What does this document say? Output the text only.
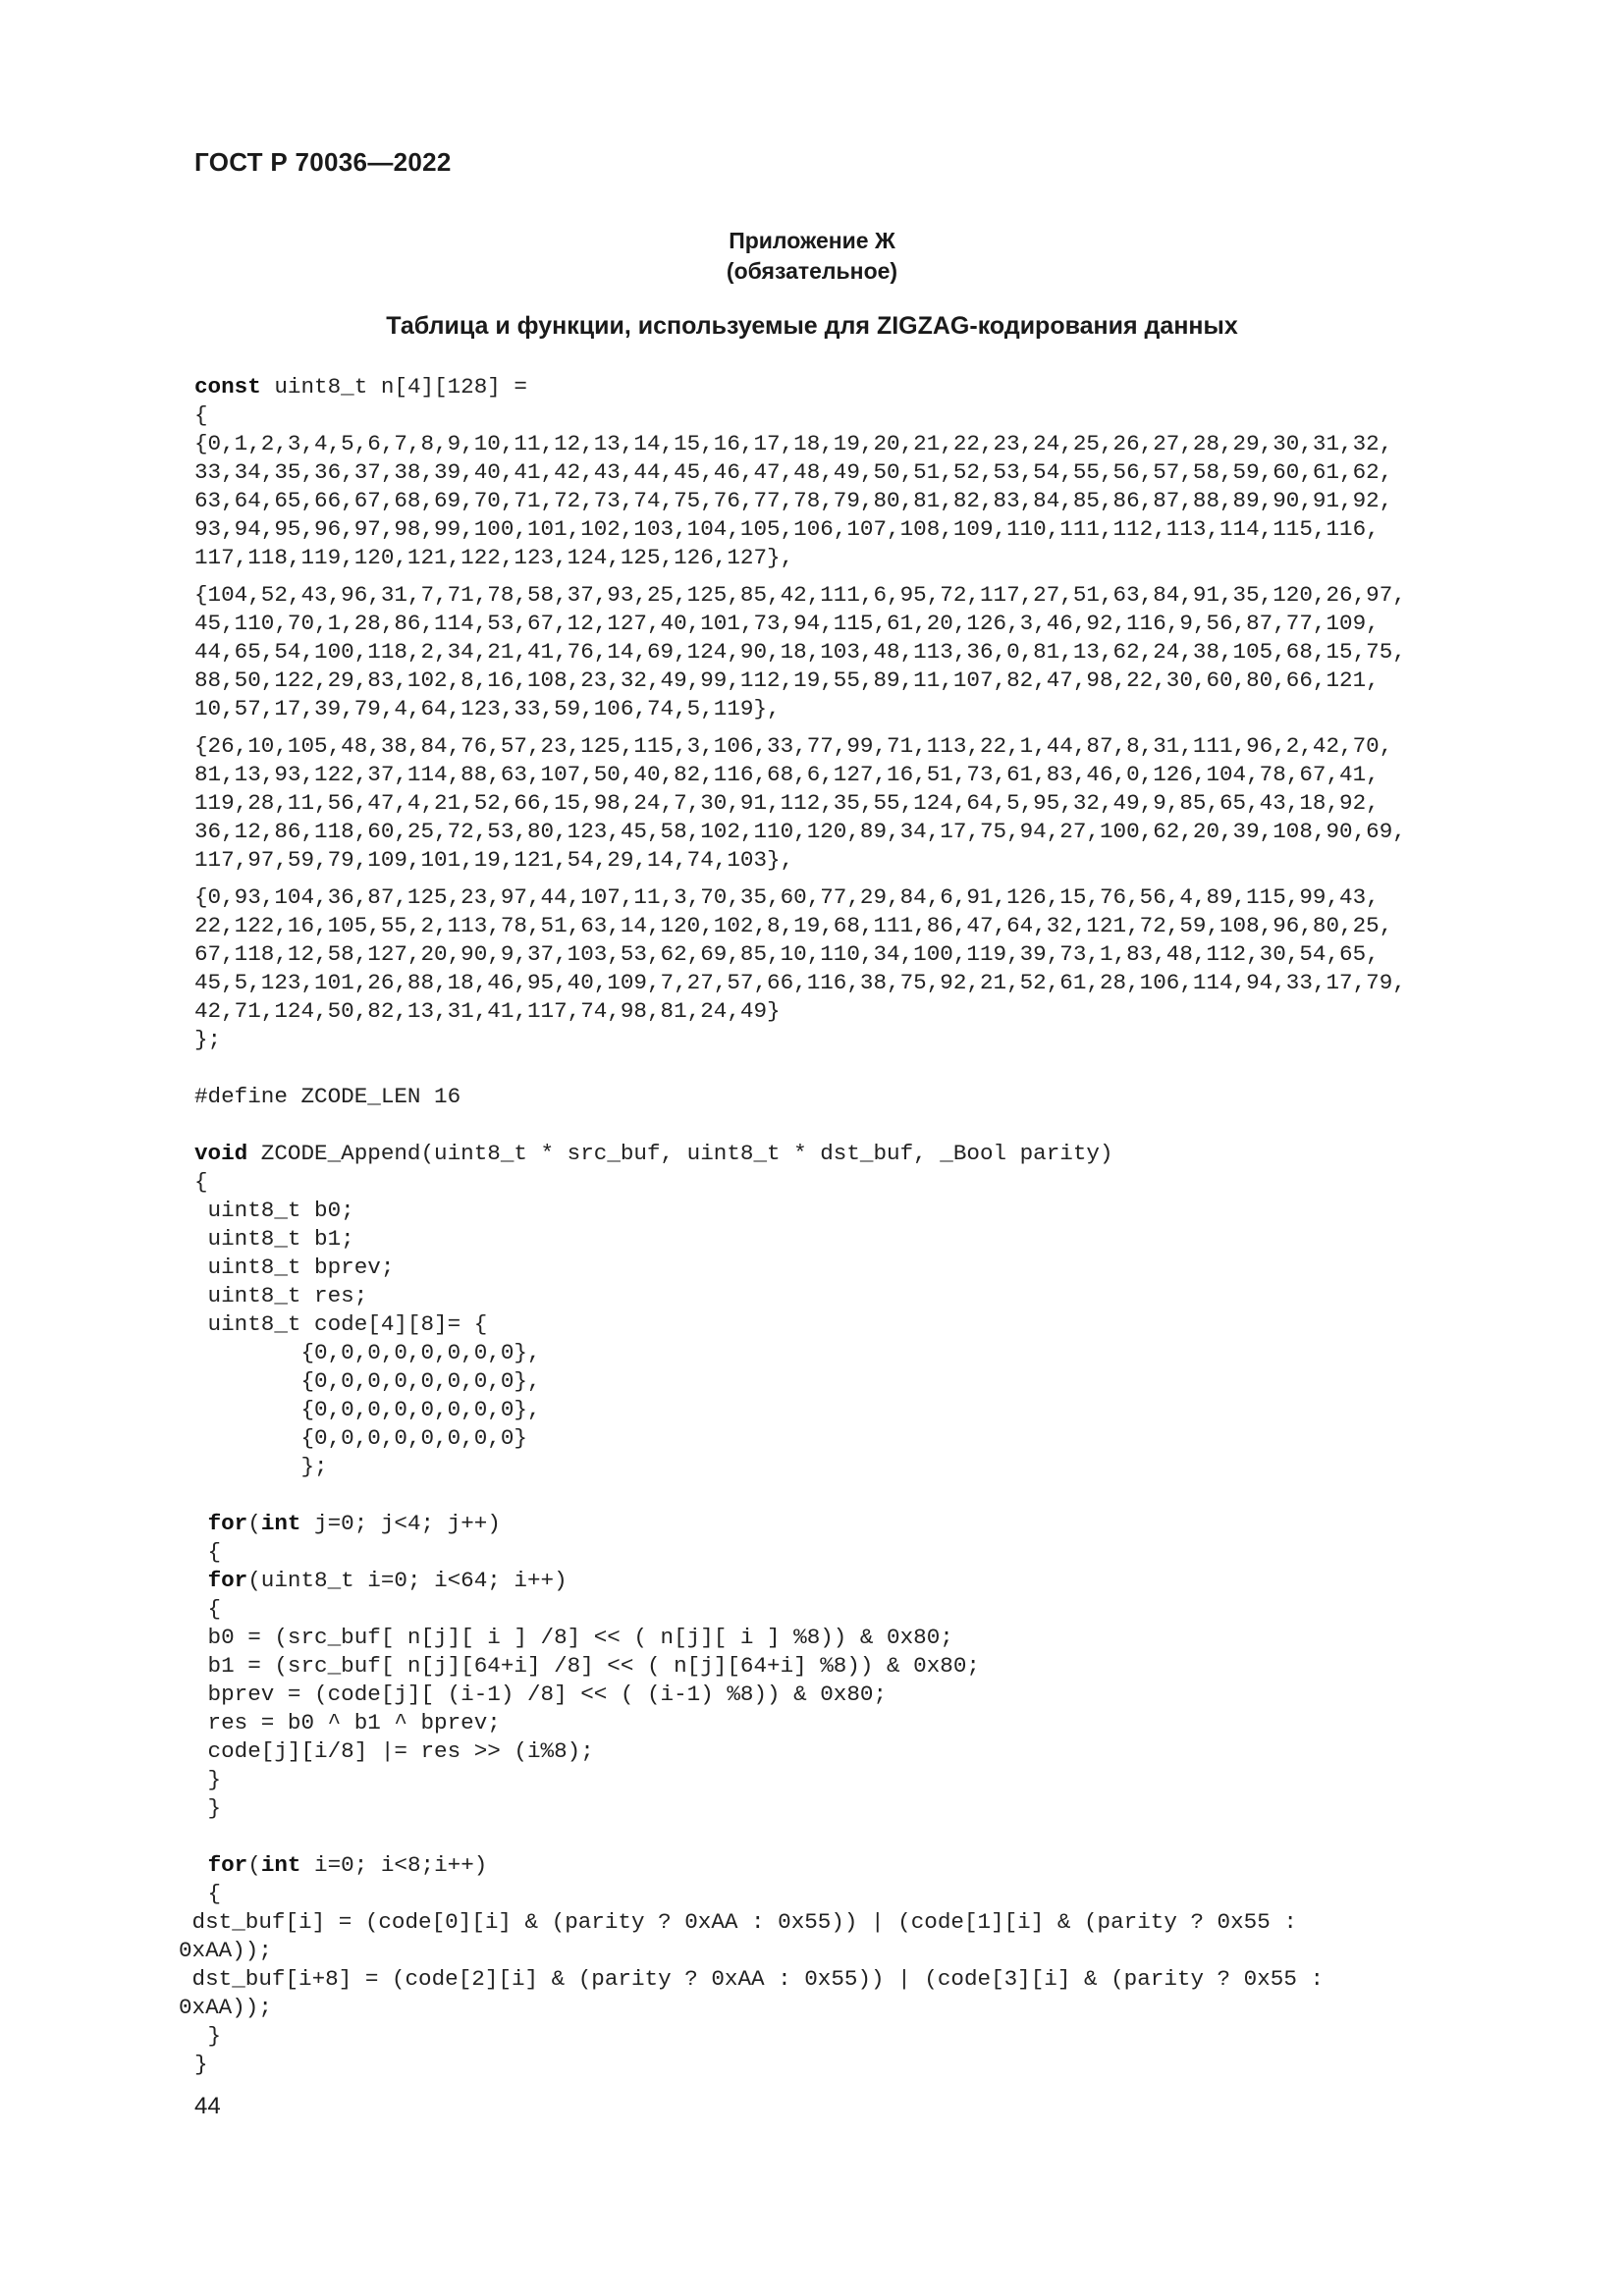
ГОСТ Р 70036—2022
Приложение Ж
(обязательное)
Таблица и функции, используемые для ZIGZAG-кодирования данных
const uint8_t n[4][128] =
{
{0,1,2,3,4,5,6,7,8,9,10,11,12,13,14,15,16,17,18,19,20,21,22,23,24,25,26,27,28,29,30,31,32,
33,34,35,36,37,38,39,40,41,42,43,44,45,46,47,48,49,50,51,52,53,54,55,56,57,58,59,60,61,62,
63,64,65,66,67,68,69,70,71,72,73,74,75,76,77,78,79,80,81,82,83,84,85,86,87,88,89,90,91,92,
93,94,95,96,97,98,99,100,101,102,103,104,105,106,107,108,109,110,111,112,113,114,115,116,
117,118,119,120,121,122,123,124,125,126,127},
{104,52,43,96,31,7,71,78,58,37,93,25,125,85,42,111,6,95,72,117,27,51,63,84,91,35,120,26,97,
45,110,70,1,28,86,114,53,67,12,127,40,101,73,94,115,61,20,126,3,46,92,116,9,56,87,77,109,
44,65,54,100,118,2,34,21,41,76,14,69,124,90,18,103,48,113,36,0,81,13,62,24,38,105,68,15,75,
88,50,122,29,83,102,8,16,108,23,32,49,99,112,19,55,89,11,107,82,47,98,22,30,60,80,66,121,
10,57,17,39,79,4,64,123,33,59,106,74,5,119},
{26,10,105,48,38,84,76,57,23,125,115,3,106,33,77,99,71,113,22,1,44,87,8,31,111,96,2,42,70,
81,13,93,122,37,114,88,63,107,50,40,82,116,68,6,127,16,51,73,61,83,46,0,126,104,78,67,41,
119,28,11,56,47,4,21,52,66,15,98,24,7,30,91,112,35,55,124,64,5,95,32,49,9,85,65,43,18,92,
36,12,86,118,60,25,72,53,80,123,45,58,102,110,120,89,34,17,75,94,27,100,62,20,39,108,90,69,
117,97,59,79,109,101,19,121,54,29,14,74,103},
{0,93,104,36,87,125,23,97,44,107,11,3,70,35,60,77,29,84,6,91,126,15,76,56,4,89,115,99,43,
22,122,16,105,55,2,113,78,51,63,14,120,102,8,19,68,111,86,47,64,32,121,72,59,108,96,80,25,
67,118,12,58,127,20,90,9,37,103,53,62,69,85,10,110,34,100,119,39,73,1,83,48,112,30,54,65,
45,5,123,101,26,88,18,46,95,40,109,7,27,57,66,116,38,75,92,21,52,61,28,106,114,94,33,17,79,
42,71,124,50,82,13,31,41,117,74,98,81,24,49}
};
#define ZCODE_LEN 16
void ZCODE_Append(uint8_t * src_buf, uint8_t * dst_buf, _Bool parity)
{
uint8_t b0;
uint8_t b1;
uint8_t bprev;
uint8_t res;
uint8_t code[4][8]= {
{0,0,0,0,0,0,0,0},
{0,0,0,0,0,0,0,0},
{0,0,0,0,0,0,0,0},
{0,0,0,0,0,0,0,0}
};
for(int j=0; j<4; j++)
{
for(uint8_t i=0; i<64; i++)
{
b0 = (src_buf[ n[j][ i ] /8] << ( n[j][ i ] %8)) & 0x80;
b1 = (src_buf[ n[j][64+i] /8] << ( n[j][64+i] %8)) & 0x80;
bprev = (code[j][ (i-1) /8] << ( (i-1) %8)) & 0x80;
res = b0 ^ b1 ^ bprev;
code[j][i/8] |= res >> (i%8);
}
}
for(int i=0; i<8;i++)
{
dst_buf[i] = (code[0][i] & (parity ? 0xAA : 0x55)) | (code[1][i] & (parity ? 0x55 :
0xAA));
dst_buf[i+8] = (code[2][i] & (parity ? 0xAA : 0x55)) | (code[3][i] & (parity ? 0x55 :
0xAA));
}
}
44
